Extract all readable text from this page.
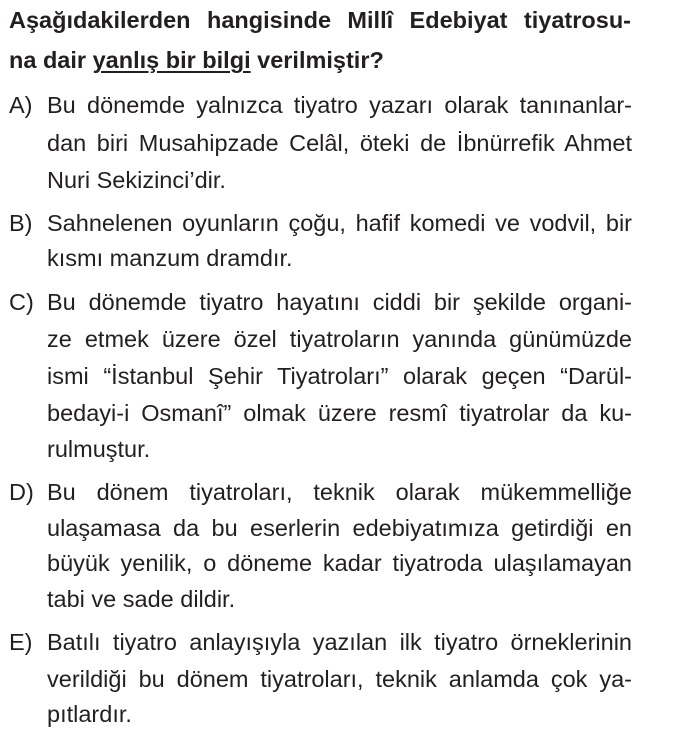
Aşağıdakilerden hangisinde Millî Edebiyat tiyatrosu-
na dair yanlış bir bilgi verilmiştir?
A) Bu dönemde yalnızca tiyatro yazarı olarak tanınanlar-
dan biri Musahipzade Celâl, öteki de İbnürrefik Ahmet
Nuri Sekizinci’dir.
B) Sahnelenen oyunların çoğu, hafif komedi ve vodvil, bir
kısmı manzum dramdır.
C) Bu dönemde tiyatro hayatını ciddi bir şekilde organi-
ze etmek üzere özel tiyatroların yanında günümüzde
ismi “İstanbul Şehir Tiyatroları” olarak geçen “Darül-
bedayi-i Osmanî” olmak üzere resmî tiyatrolar da ku-
rulmuştur.
D) Bu dönem tiyatroları, teknik olarak mükemmelliğe
ulaşamasa da bu eserlerin edebiyatımıza getirdiği en
büyük yenilik, o döneme kadar tiyatroda ulaşılamayan
tabi ve sade dildir.
E) Batılı tiyatro anlayışıyla yazılan ilk tiyatro örneklerinin
verildiği bu dönem tiyatroları, teknik anlamda çok ya-
pıtlardır.
